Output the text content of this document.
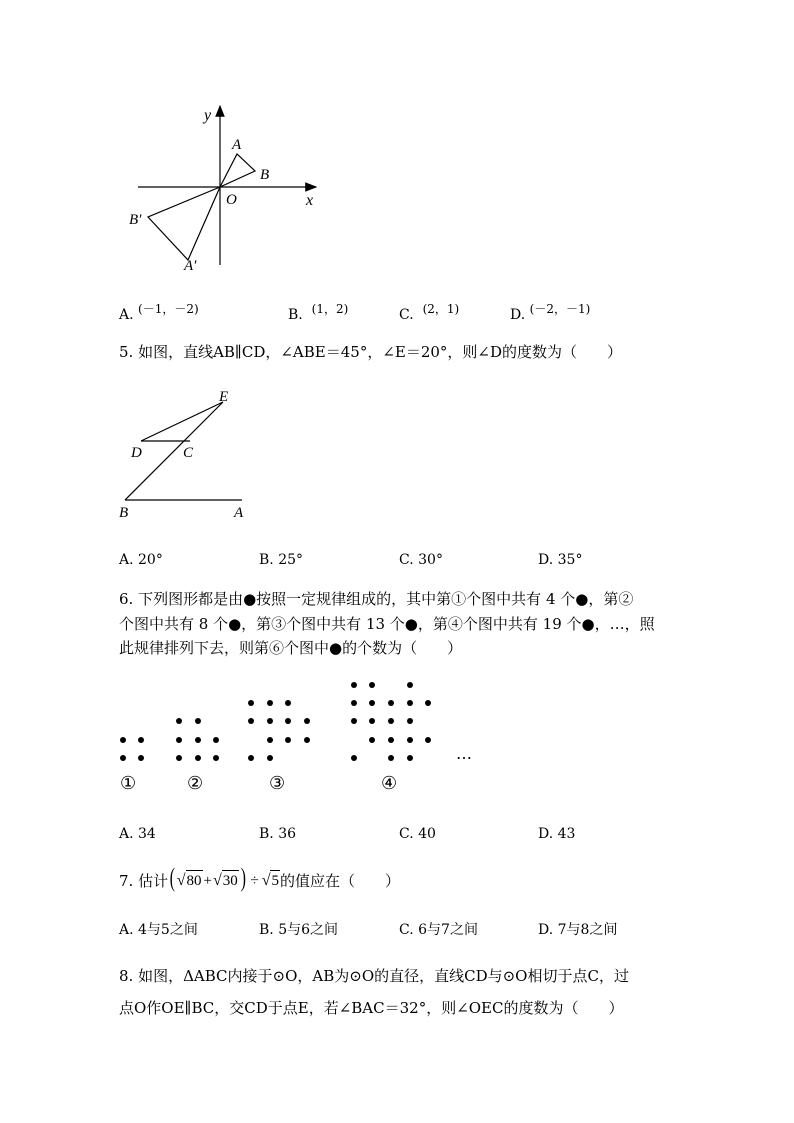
y
x
O
A
B
B′
A′
A. (－1，－2)	B. (1，2)	C. (2，1)	D. (－2，－1)
5. 如图，直线AB∥CD，∠ABE＝45°，∠E＝20°，则∠D的度数为（　　）
E
D	C
B	A
A. 20°	B. 25°	C. 30°	D. 35°
6. 下列图形都是由●按照一定规律组成的，其中第①个图中共有 4 个●，第②
个图中共有 8 个●，第③个图中共有 13 个●，第④个图中共有 19 个●，…，照
此规律排列下去，则第⑥个图中●的个数为（　　）
…
①	②	③	④
A. 34	B. 36	C. 40	D. 43
7. 估计 ( √ 80 + √ 30 ) ÷ √ 5 的值应在（　　）
A. 4与5之间	B. 5与6之间	C. 6与7之间	D. 7与8之间
8. 如图，ΔABC内接于⊙O，AB为⊙O的直径，直线CD与⊙O相切于点C，过
点O作OE∥BC，交CD于点E，若∠BAC＝32°，则∠OEC的度数为（　　）
